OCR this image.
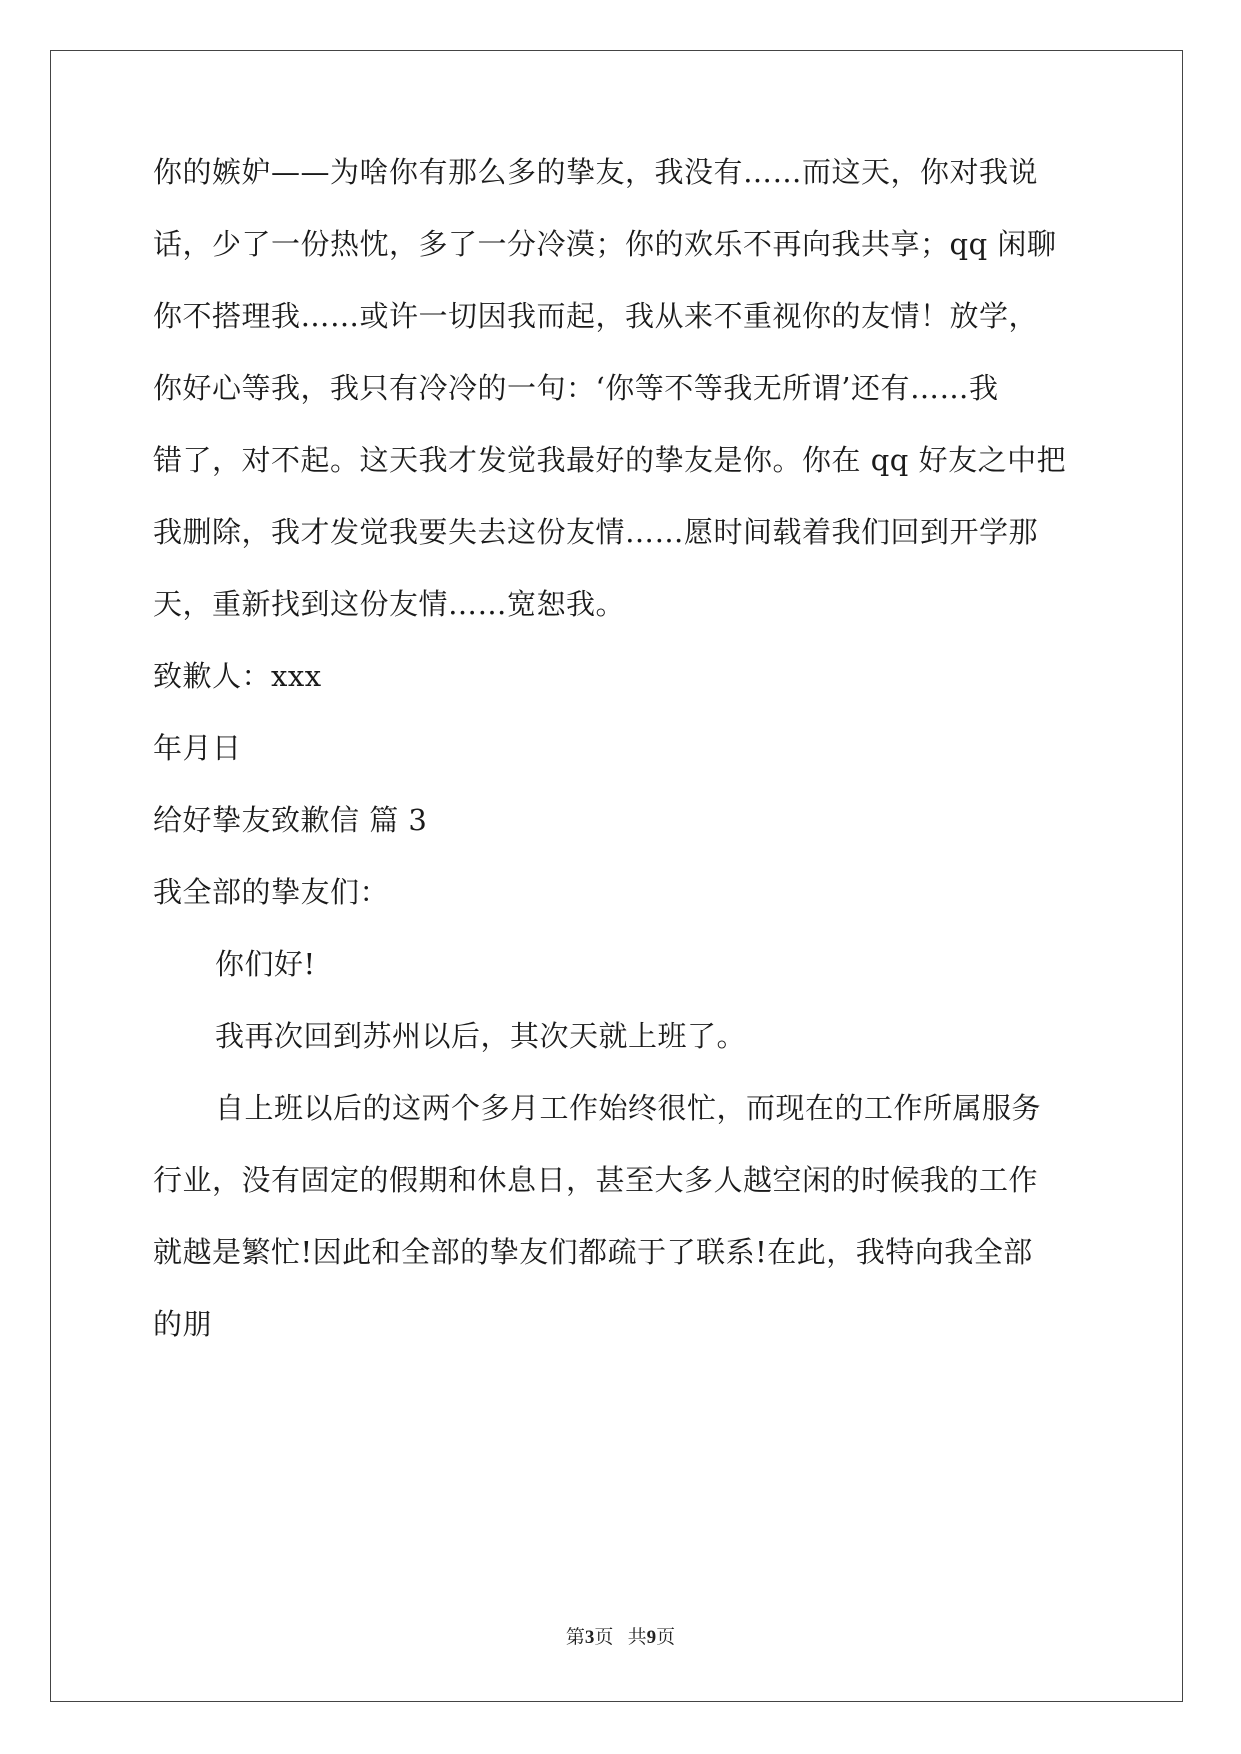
你的嫉妒——为啥你有那么多的挚友，我没有……而这天，你对我说
话，少了一份热忱，多了一分冷漠；你的欢乐不再向我共享；qq 闲聊
你不搭理我……或许一切因我而起，我从来不重视你的友情！放学，
你好心等我，我只有冷冷的一句：‘你等不等我无所谓’还有……我
错了，对不起。这天我才发觉我最好的挚友是你。你在 qq 好友之中把
我删除，我才发觉我要失去这份友情……愿时间载着我们回到开学那
天，重新找到这份友情……宽恕我。
致歉人：xxx
年月日
给好挚友致歉信 篇 3
我全部的挚友们：
你们好!
我再次回到苏州以后，其次天就上班了。
自上班以后的这两个多月工作始终很忙，而现在的工作所属服务
行业，没有固定的假期和休息日，甚至大多人越空闲的时候我的工作
就越是繁忙!因此和全部的挚友们都疏于了联系!在此，我特向我全部
的朋
第3页 共9页
